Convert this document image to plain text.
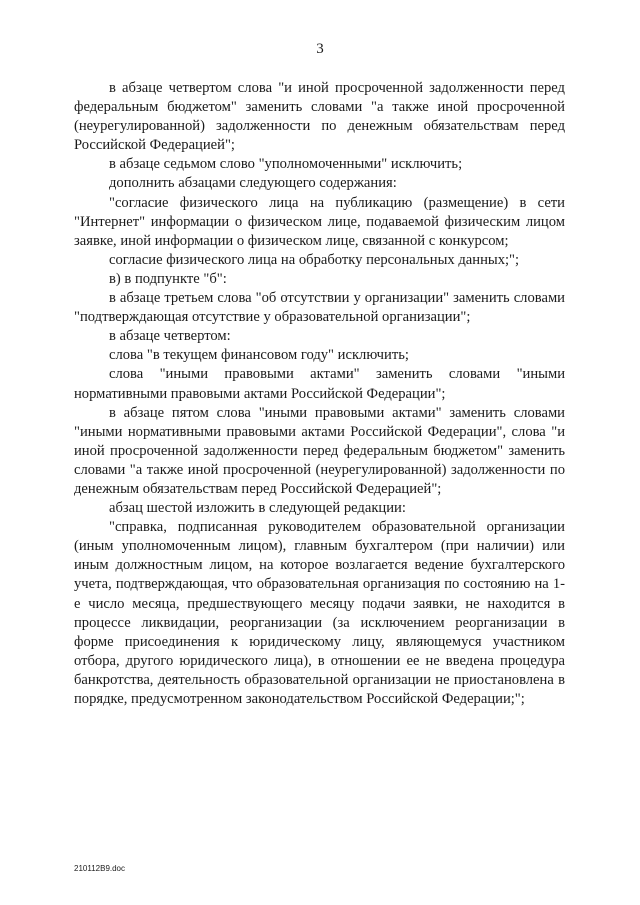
3

в абзаце четвертом слова "и иной просроченной задолженности перед федеральным бюджетом" заменить словами "а также иной просроченной (неурегулированной) задолженности по денежным обязательствам перед Российской Федерацией";

в абзаце седьмом слово "уполномоченными" исключить;

дополнить абзацами следующего содержания:

"согласие физического лица на публикацию (размещение) в сети "Интернет" информации о физическом лице, подаваемой физическим лицом заявке, иной информации о физическом лице, связанной с конкурсом;

согласие физического лица на обработку персональных данных;";

в) в подпункте "б":

в абзаце третьем слова "об отсутствии у организации" заменить словами "подтверждающая отсутствие у образовательной организации";

в абзаце четвертом:

слова "в текущем финансовом году" исключить;

слова "иными правовыми актами" заменить словами "иными нормативными правовыми актами Российской Федерации";

в абзаце пятом слова "иными правовыми актами" заменить словами "иными нормативными правовыми актами Российской Федерации", слова "и иной просроченной задолженности перед федеральным бюджетом" заменить словами "а также иной просроченной (неурегулированной) задолженности по денежным обязательствам перед Российской Федерацией";

абзац шестой изложить в следующей редакции:

"справка, подписанная руководителем образовательной организации (иным уполномоченным лицом), главным бухгалтером (при наличии) или иным должностным лицом, на которое возлагается ведение бухгалтерского учета, подтверждающая, что образовательная организация по состоянию на 1-е число месяца, предшествующего месяцу подачи заявки, не находится в процессе ликвидации, реорганизации (за исключением реорганизации в форме присоединения к юридическому лицу, являющемуся участником отбора, другого юридического лица), в отношении ее не введена процедура банкротства, деятельность образовательной организации не приостановлена в порядке, предусмотренном законодательством Российской Федерации;";

210112B9.doc
